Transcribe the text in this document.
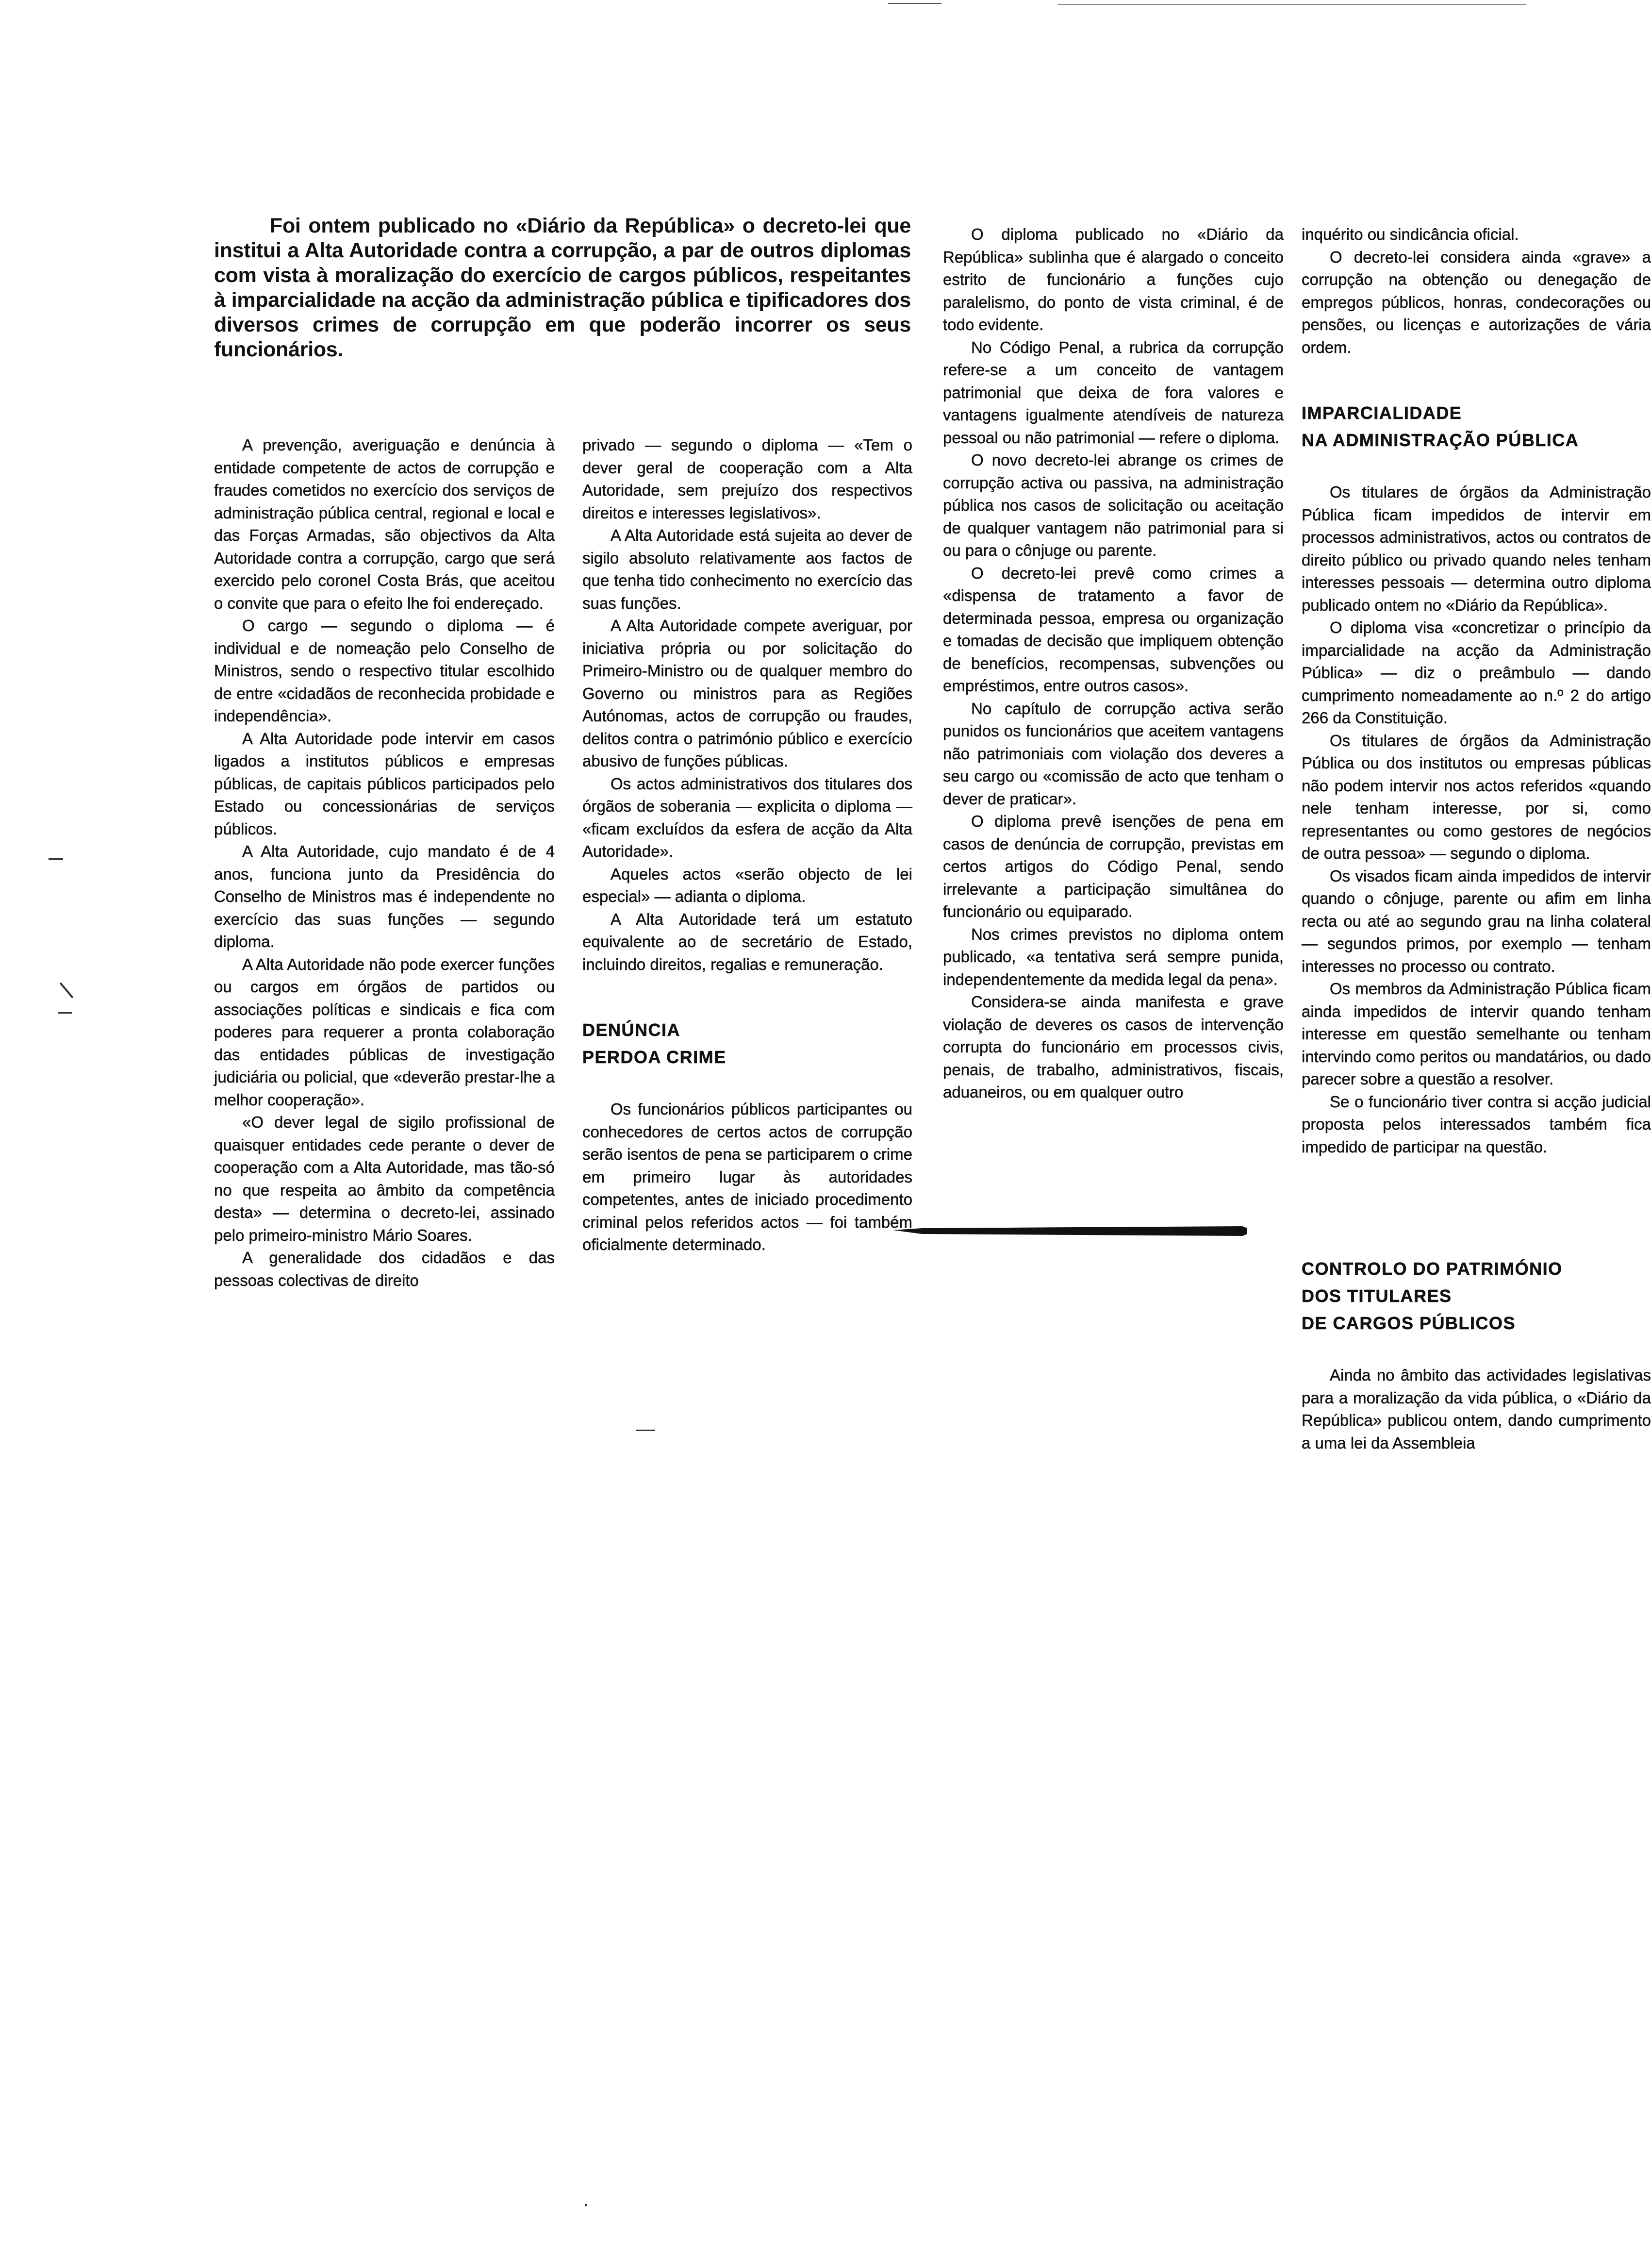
Foi ontem publicado no «Diário da República» o decreto-lei que institui a Alta Autoridade contra a corrupção, a par de outros diplomas com vista à moralização do exercício de cargos públicos, respeitantes à imparcialidade na acção da administração pública e tipificadores dos diversos crimes de corrupção em que poderão incorrer os seus funcionários.

A prevenção, averiguação e denúncia à entidade competente de actos de corrupção e fraudes cometidos no exercício dos serviços de administração pública central, regional e local e das Forças Armadas, são objectivos da Alta Autoridade contra a corrupção, cargo que será exercido pelo coronel Costa Brás, que aceitou o convite que para o efeito lhe foi endereçado.

O cargo — segundo o diploma — é individual e de nomeação pelo Conselho de Ministros, sendo o respectivo titular escolhido de entre «cidadãos de reconhecida probidade e independência».

A Alta Autoridade pode intervir em casos ligados a institutos públicos e empresas públicas, de capitais públicos participados pelo Estado ou concessionárias de serviços públicos.

A Alta Autoridade, cujo mandato é de 4 anos, funciona junto da Presidência do Conselho de Ministros mas é independente no exercício das suas funções — segundo diploma.

A Alta Autoridade não pode exercer funções ou cargos em órgãos de partidos ou associações políticas e sindicais e fica com poderes para requerer a pronta colaboração das entidades públicas de investigação judiciária ou policial, que «deverão prestar-lhe a melhor cooperação».

«O dever legal de sigilo profissional de quaisquer entidades cede perante o dever de cooperação com a Alta Autoridade, mas tão-só no que respeita ao âmbito da competência desta» — determina o decreto-lei, assinado pelo primeiro-ministro Mário Soares.

A generalidade dos cidadãos e das pessoas colectivas de direito

privado — segundo o diploma — «Tem o dever geral de cooperação com a Alta Autoridade, sem prejuízo dos respectivos direitos e interesses legislativos».

A Alta Autoridade está sujeita ao dever de sigilo absoluto relativamente aos factos de que tenha tido conhecimento no exercício das suas funções.

A Alta Autoridade compete averiguar, por iniciativa própria ou por solicitação do Primeiro-Ministro ou de qualquer membro do Governo ou ministros para as Regiões Autónomas, actos de corrupção ou fraudes, delitos contra o património público e exercício abusivo de funções públicas.

Os actos administrativos dos titulares dos órgãos de soberania — explicita o diploma — «ficam excluídos da esfera de acção da Alta Autoridade».

Aqueles actos «serão objecto de lei especial» — adianta o diploma.

A Alta Autoridade terá um estatuto equivalente ao de secretário de Estado, incluindo direitos, regalias e remuneração.

DENÚNCIA
PERDOA CRIME

Os funcionários públicos participantes ou conhecedores de certos actos de corrupção serão isentos de pena se participarem o crime em primeiro lugar às autoridades competentes, antes de iniciado procedimento criminal pelos referidos actos — foi também oficialmente determinado.

O diploma publicado no «Diário da República» sublinha que é alargado o conceito estrito de funcionário a funções cujo paralelismo, do ponto de vista criminal, é de todo evidente.

No Código Penal, a rubrica da corrupção refere-se a um conceito de vantagem patrimonial que deixa de fora valores e vantagens igualmente atendíveis de natureza pessoal ou não patrimonial — refere o diploma.

O novo decreto-lei abrange os crimes de corrupção activa ou passiva, na administração pública nos casos de solicitação ou aceitação de qualquer vantagem não patrimonial para si ou para o cônjuge ou parente.

O decreto-lei prevê como crimes a «dispensa de tratamento a favor de determinada pessoa, empresa ou organização e tomadas de decisão que impliquem obtenção de benefícios, recompensas, subvenções ou empréstimos, entre outros casos».

No capítulo de corrupção activa serão punidos os funcionários que aceitem vantagens não patrimoniais com violação dos deveres a seu cargo ou «comissão de acto que tenham o dever de praticar».

O diploma prevê isenções de pena em casos de denúncia de corrupção, previstas em certos artigos do Código Penal, sendo irrelevante a participação simultânea do funcionário ou equiparado.

Nos crimes previstos no diploma ontem publicado, «a tentativa será sempre punida, independentemente da medida legal da pena».

Considera-se ainda manifesta e grave violação de deveres os casos de intervenção corrupta do funcionário em processos civis, penais, de trabalho, administrativos, fiscais, aduaneiros, ou em qualquer outro

inquérito ou sindicância oficial.

O decreto-lei considera ainda «grave» a corrupção na obtenção ou denegação de empregos públicos, honras, condecorações ou pensões, ou licenças e autorizações de vária ordem.

IMPARCIALIDADE
NA ADMINISTRAÇÃO PÚBLICA

Os titulares de órgãos da Administração Pública ficam impedidos de intervir em processos administrativos, actos ou contratos de direito público ou privado quando neles tenham interesses pessoais — determina outro diploma publicado ontem no «Diário da República».

O diploma visa «concretizar o princípio da imparcialidade na acção da Administração Pública» — diz o preâmbulo — dando cumprimento nomeadamente ao n.º 2 do artigo 266 da Constituição.

Os titulares de órgãos da Administração Pública ou dos institutos ou empresas públicas não podem intervir nos actos referidos «quando nele tenham interesse, por si, como representantes ou como gestores de negócios de outra pessoa» — segundo o diploma.

Os visados ficam ainda impedidos de intervir quando o cônjuge, parente ou afim em linha recta ou até ao segundo grau na linha colateral — segundos primos, por exemplo — tenham interesses no processo ou contrato.

Os membros da Administração Pública ficam ainda impedidos de intervir quando tenham interesse em questão semelhante ou tenham intervindo como peritos ou mandatários, ou dado parecer sobre a questão a resolver.

Se o funcionário tiver contra si acção judicial proposta pelos interessados também fica impedido de participar na questão.

CONTROLO DO PATRIMÓNIO
DOS TITULARES
DE CARGOS PÚBLICOS

Ainda no âmbito das actividades legislativas para a moralização da vida pública, o «Diário da República» publicou ontem, dando cumprimento a uma lei da Assembleia
